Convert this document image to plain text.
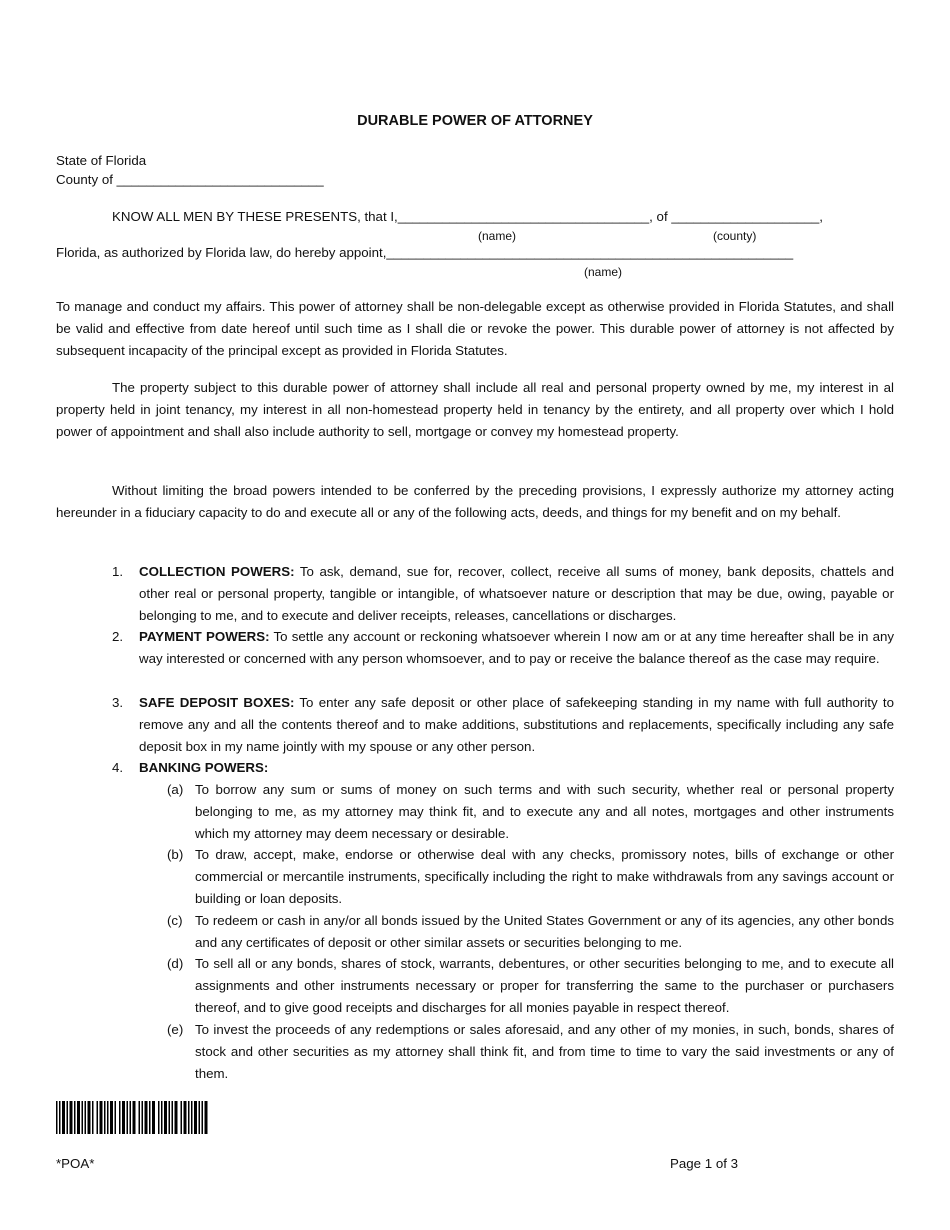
DURABLE POWER OF ATTORNEY
State of Florida
County of ____________________________
KNOW ALL MEN BY THESE PRESENTS, that I,__________________________________, of ____________________,
(name)	(county)
Florida, as authorized by Florida law, do hereby appoint,_______________________________________________________
(name)
To manage and conduct my affairs. This power of attorney shall be non-delegable except as otherwise provided in Florida Statutes, and shall be valid and effective from date hereof until such time as I shall die or revoke the power. This durable power of attorney is not affected by subsequent incapacity of the principal except as provided in Florida Statutes.
The property subject to this durable power of attorney shall include all real and personal property owned by me, my interest in al property held in joint tenancy, my interest in all non-homestead property held in tenancy by the entirety, and all property over which I hold power of appointment and shall also include authority to sell, mortgage or convey my homestead property.
Without limiting the broad powers intended to be conferred by the preceding provisions, I expressly authorize my attorney acting hereunder in a fiduciary capacity to do and execute all or any of the following acts, deeds, and things for my benefit and on my behalf.
1. COLLECTION POWERS: To ask, demand, sue for, recover, collect, receive all sums of money, bank deposits, chattels and other real or personal property, tangible or intangible, of whatsoever nature or description that may be due, owing, payable or belonging to me, and to execute and deliver receipts, releases, cancellations or discharges.
2. PAYMENT POWERS: To settle any account or reckoning whatsoever wherein I now am or at any time hereafter shall be in any way interested or concerned with any person whomsoever, and to pay or receive the balance thereof as the case may require.
3. SAFE DEPOSIT BOXES: To enter any safe deposit or other place of safekeeping standing in my name with full authority to remove any and all the contents thereof and to make additions, substitutions and replacements, specifically including any safe deposit box in my name jointly with my spouse or any other person.
4. BANKING POWERS:
(a) To borrow any sum or sums of money on such terms and with such security, whether real or personal property belonging to me, as my attorney may think fit, and to execute any and all notes, mortgages and other instruments which my attorney may deem necessary or desirable.
(b) To draw, accept, make, endorse or otherwise deal with any checks, promissory notes, bills of exchange or other commercial or mercantile instruments, specifically including the right to make withdrawals from any savings account or building or loan deposits.
(c) To redeem or cash in any/or all bonds issued by the United States Government or any of its agencies, any other bonds and any certificates of deposit or other similar assets or securities belonging to me.
(d) To sell all or any bonds, shares of stock, warrants, debentures, or other securities belonging to me, and to execute all assignments and other instruments necessary or proper for transferring the same to the purchaser or purchasers thereof, and to give good receipts and discharges for all monies payable in respect thereof.
(e) To invest the proceeds of any redemptions or sales aforesaid, and any other of my monies, in such, bonds, shares of stock and other securities as my attorney shall think fit, and from time to time to vary the said investments or any of them.
*POA*	Page 1 of 3
